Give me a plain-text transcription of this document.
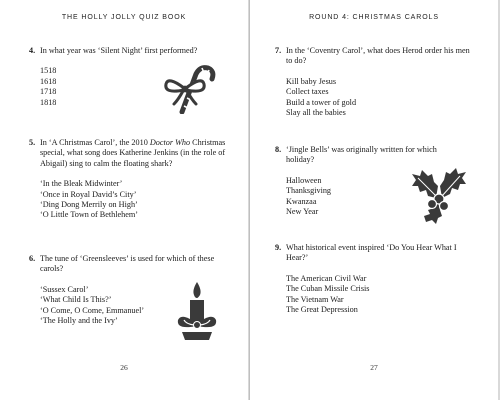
THE HOLLY JOLLY QUIZ BOOK
4. In what year was ‘Silent Night’ first performed?
1518
1618
1718
1818
5. In ‘A Christmas Carol’, the 2010 Doctor Who Christmas special, what song does Katherine Jenkins (in the role of Abigail) sing to calm the floating shark?
‘In the Bleak Midwinter’
‘Once in Royal David’s City’
‘Ding Dong Merrily on High’
‘O Little Town of Bethlehem’
6. The tune of ‘Greensleeves’ is used for which of these carols?
‘Sussex Carol’
‘What Child Is This?’
‘O Come, O Come, Emmanuel’
‘The Holly and the Ivy’
26
ROUND 4: CHRISTMAS CAROLS
7. In the ‘Coventry Carol’, what does Herod order his men to do?
Kill baby Jesus
Collect taxes
Build a tower of gold
Slay all the babies
8. ‘Jingle Bells’ was originally written for which holiday?
Halloween
Thanksgiving
Kwanzaa
New Year
9. What historical event inspired ‘Do You Hear What I Hear?’
The American Civil War
The Cuban Missile Crisis
The Vietnam War
The Great Depression
27
